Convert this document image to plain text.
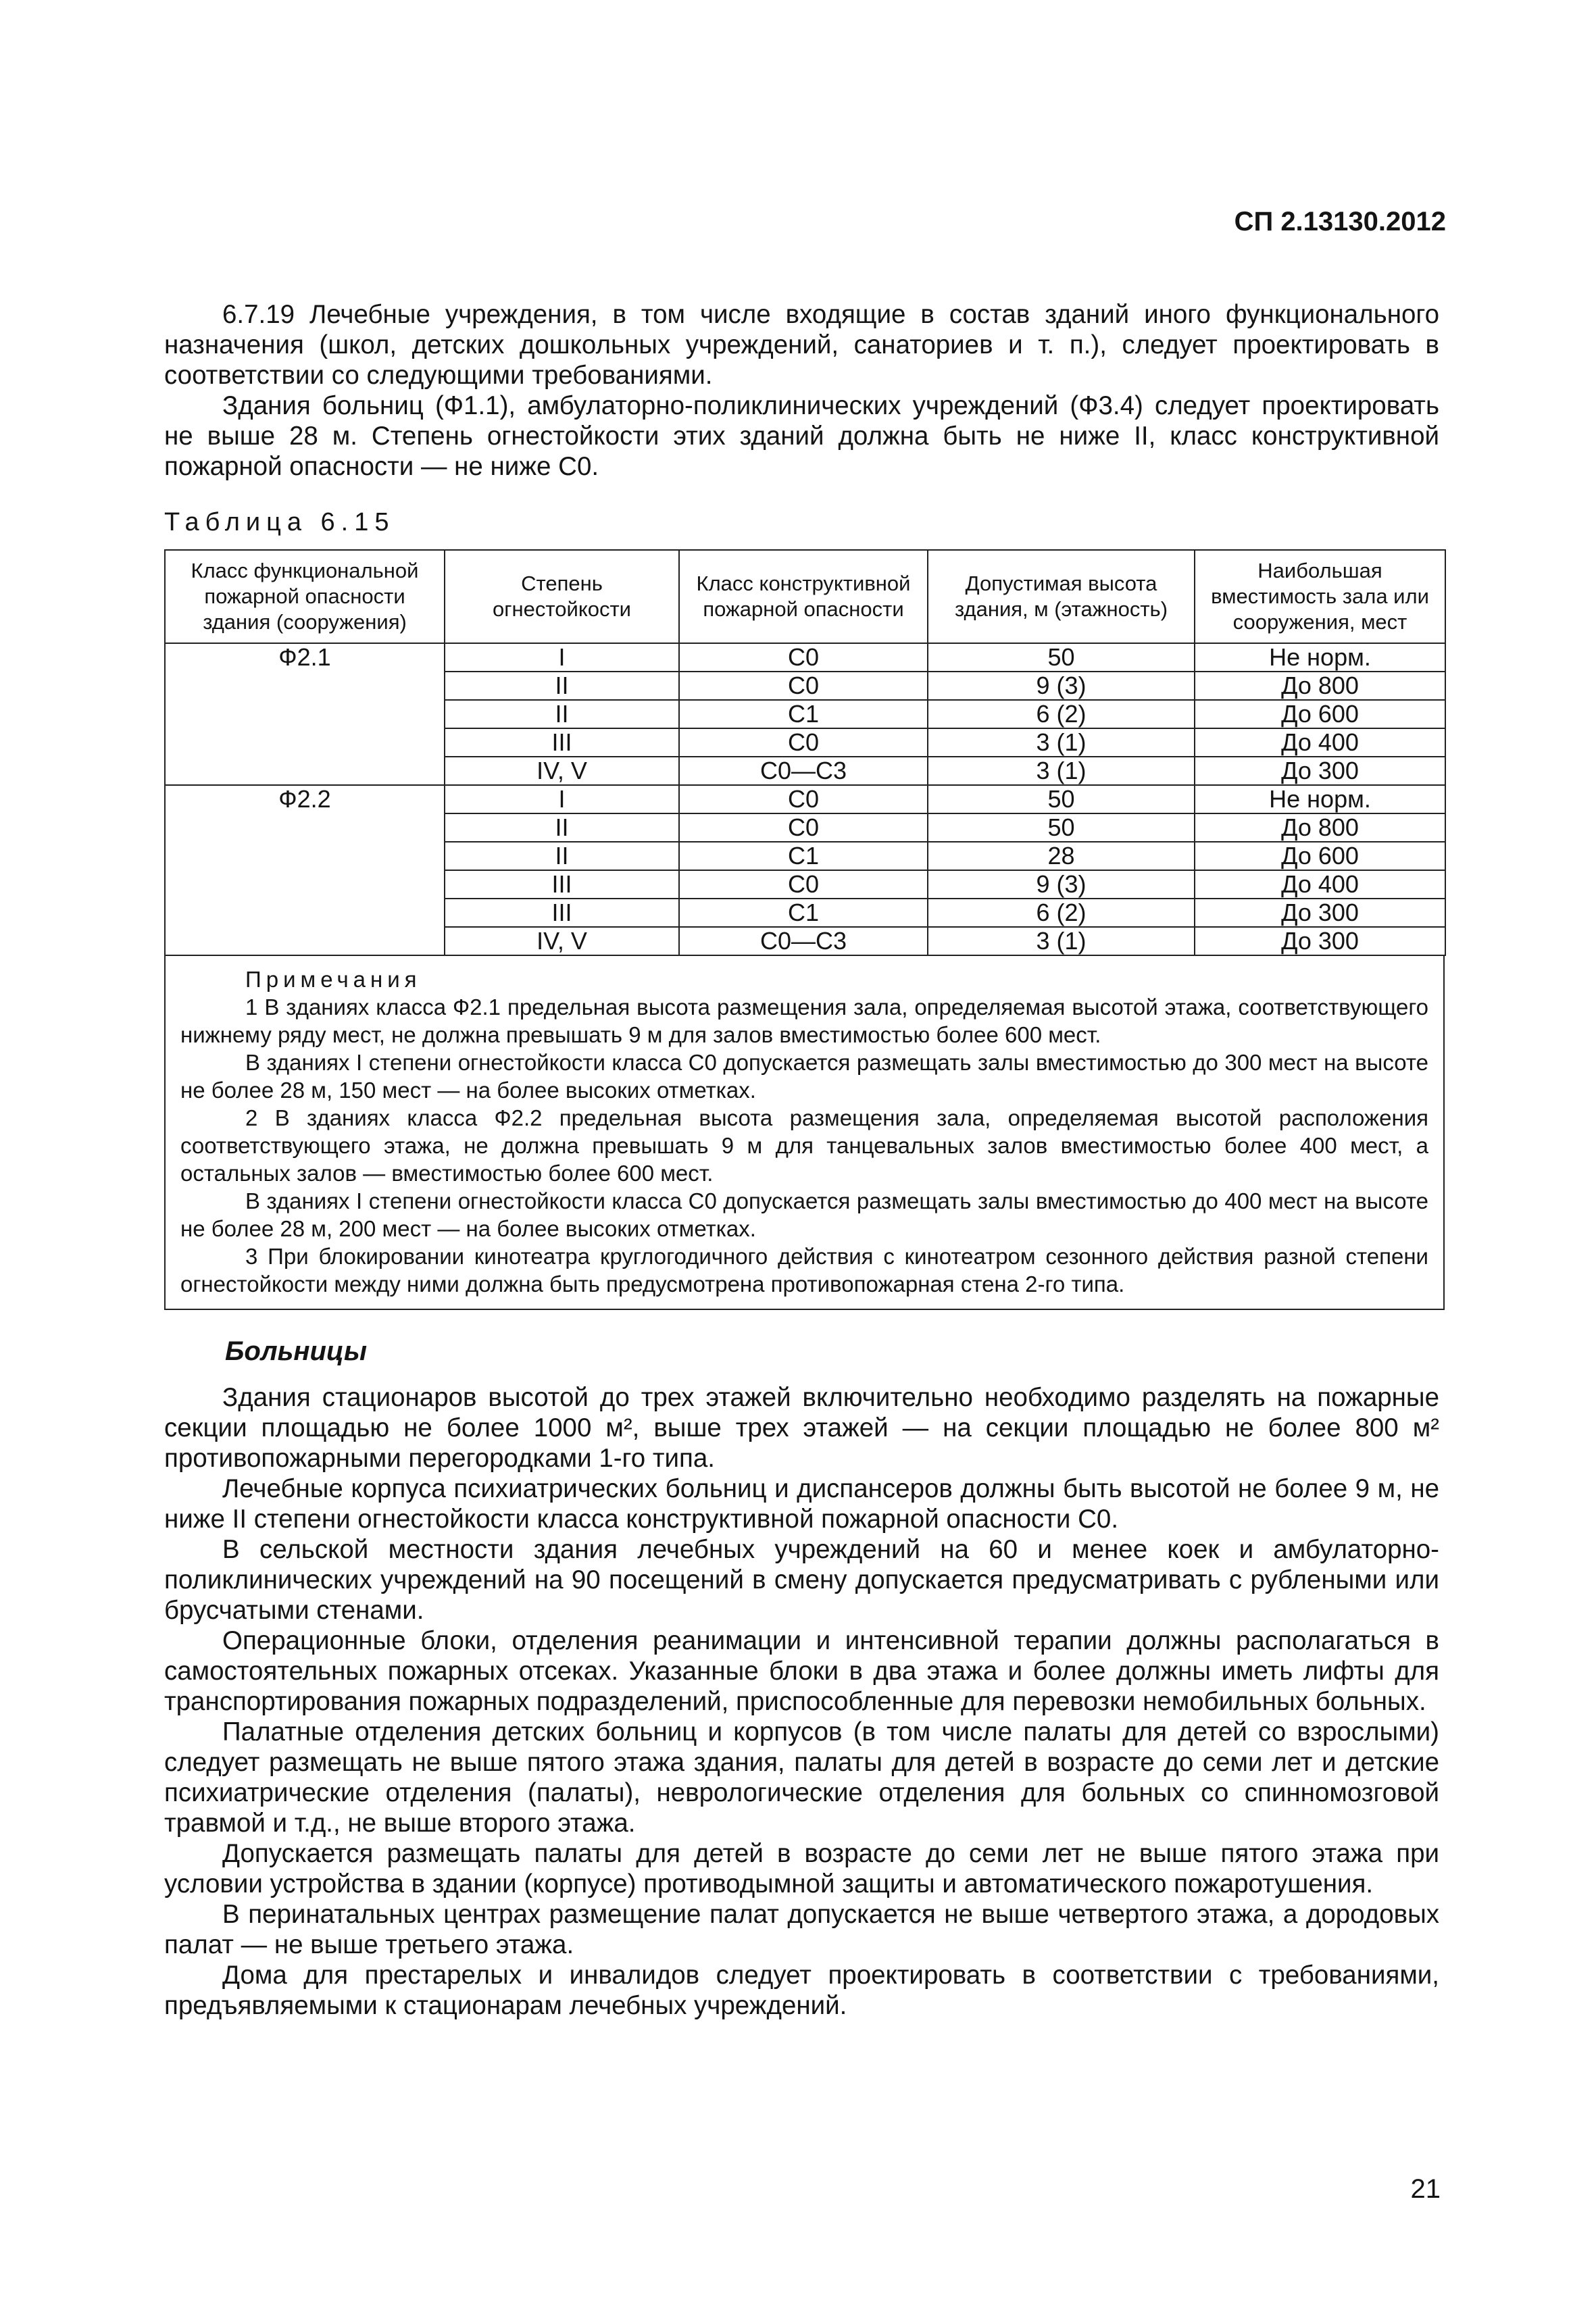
СП 2.13130.2012

6.7.19 Лечебные учреждения, в том числе входящие в состав зданий иного функционального назначения (школ, детских дошкольных учреждений, санаториев и т. п.), следует проектировать в соответствии со следующими требованиями.

Здания больниц (Ф1.1), амбулаторно-поликлинических учреждений (Ф3.4) следует проектировать не выше 28 м. Степень огнестойкости этих зданий должна быть не ниже II, класс конструктивной пожарной опасности — не ниже С0.

Таблица 6.15
Класс функциональной пожарной опасности здания (сооружения)	Степень огнестойкости	Класс конструктивной пожарной опасности	Допустимая высота здания, м (этажность)	Наибольшая вместимость зала или сооружения, мест
Ф2.1	I	С0	50	Не норм.
	II	С0	9 (3)	До 800
	II	С1	6 (2)	До 600
	III	С0	3 (1)	До 400
	IV, V	С0—С3	3 (1)	До 300
Ф2.2	I	С0	50	Не норм.
	II	С0	50	До 800
	II	С1	28	До 600
	III	С0	9 (3)	До 400
	III	С1	6 (2)	До 300
	IV, V	С0—С3	3 (1)	До 300

Примечания

1 В зданиях класса Ф2.1 предельная высота размещения зала, определяемая высотой этажа, соответствующего нижнему ряду мест, не должна превышать 9 м для залов вместимостью более 600 мест.

В зданиях I степени огнестойкости класса С0 допускается размещать залы вместимостью до 300 мест на высоте не более 28 м, 150 мест — на более высоких отметках.

2 В зданиях класса Ф2.2 предельная высота размещения зала, определяемая высотой расположения соответствующего этажа, не должна превышать 9 м для танцевальных залов вместимостью более 400 мест, а остальных залов — вместимостью более 600 мест.

В зданиях I степени огнестойкости класса С0 допускается размещать залы вместимостью до 400 мест на высоте не более 28 м, 200 мест — на более высоких отметках.

3 При блокировании кинотеатра круглогодичного действия с кинотеатром сезонного действия разной степени огнестойкости между ними должна быть предусмотрена противопожарная стена 2-го типа.

Больницы

Здания стационаров высотой до трех этажей включительно необходимо разделять на пожарные секции площадью не более 1000 м², выше трех этажей — на секции площадью не более 800 м² противопожарными перегородками 1-го типа.

Лечебные корпуса психиатрических больниц и диспансеров должны быть высотой не более 9 м, не ниже II степени огнестойкости класса конструктивной пожарной опасности С0.

В сельской местности здания лечебных учреждений на 60 и менее коек и амбулаторно-поликлинических учреждений на 90 посещений в смену допускается предусматривать с рублеными или брусчатыми стенами.

Операционные блоки, отделения реанимации и интенсивной терапии должны располагаться в самостоятельных пожарных отсеках. Указанные блоки в два этажа и более должны иметь лифты для транспортирования пожарных подразделений, приспособленные для перевозки немобильных больных.

Палатные отделения детских больниц и корпусов (в том числе палаты для детей со взрослыми) следует размещать не выше пятого этажа здания, палаты для детей в возрасте до семи лет и детские психиатрические отделения (палаты), неврологические отделения для больных со спинномозговой травмой и т.д., не выше второго этажа.

Допускается размещать палаты для детей в возрасте до семи лет не выше пятого этажа при условии устройства в здании (корпусе) противодымной защиты и автоматического пожаротушения.

В перинатальных центрах размещение палат допускается не выше четвертого этажа, а дородовых палат — не выше третьего этажа.

Дома для престарелых и инвалидов следует проектировать в соответствии с требованиями, предъявляемыми к стационарам лечебных учреждений.

21
